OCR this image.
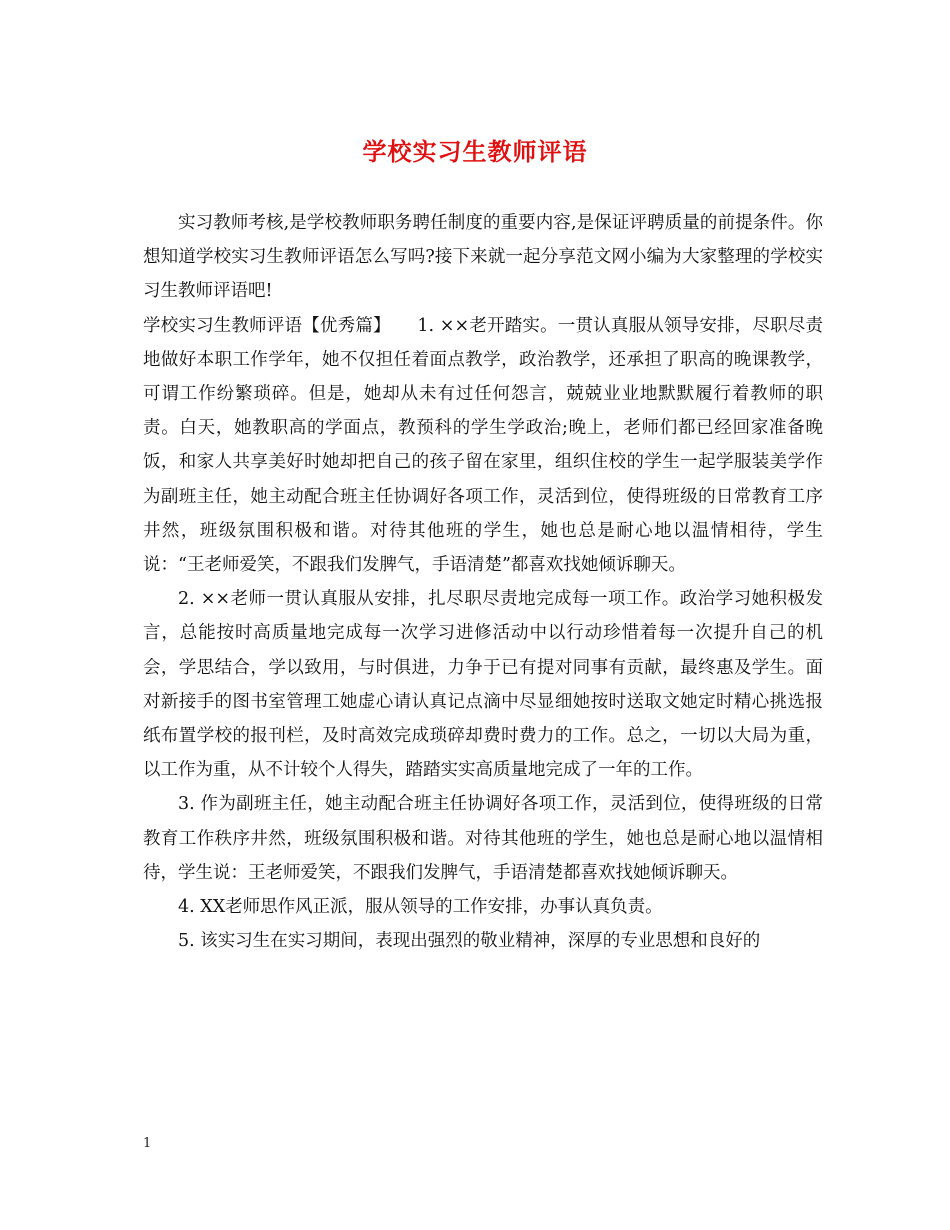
学校实习生教师评语

实习教师考核,是学校教师职务聘任制度的重要内容,是保证评聘质量的前提条件。你想知道学校实习生教师评语怎么写吗?接下来就一起分享范文网小编为大家整理的学校实习生教师评语吧!

学校实习生教师评语【优秀篇】　　1. ××老开踏实。一贯认真服从领导安排，尽职尽责地做好本职工作学年，她不仅担任着面点教学，政治教学，还承担了职高的晚课教学，可谓工作纷繁琐碎。但是，她却从未有过任何怨言，兢兢业业地默默履行着教师的职责。白天，她教职高的学面点，教预科的学生学政治;晚上，老师们都已经回家准备晚饭，和家人共享美好时她却把自己的孩子留在家里，组织住校的学生一起学服装美学作为副班主任，她主动配合班主任协调好各项工作，灵活到位，使得班级的日常教育工序井然，班级氛围积极和谐。对待其他班的学生，她也总是耐心地以温情相待，学生说：“王老师爱笑，不跟我们发脾气，手语清楚”都喜欢找她倾诉聊天。

2. ××老师一贯认真服从安排，扎尽职尽责地完成每一项工作。政治学习她积极发言，总能按时高质量地完成每一次学习进修活动中以行动珍惜着每一次提升自己的机会，学思结合，学以致用，与时俱进，力争于已有提对同事有贡献，最终惠及学生。面对新接手的图书室管理工她虚心请认真记点滴中尽显细她按时送取文她定时精心挑选报纸布置学校的报刊栏，及时高效完成琐碎却费时费力的工作。总之，一切以大局为重，以工作为重，从不计较个人得失，踏踏实实高质量地完成了一年的工作。

3. 作为副班主任，她主动配合班主任协调好各项工作，灵活到位，使得班级的日常教育工作秩序井然，班级氛围积极和谐。对待其他班的学生，她也总是耐心地以温情相待，学生说：王老师爱笑，不跟我们发脾气，手语清楚都喜欢找她倾诉聊天。

4. XX老师思作风正派，服从领导的工作安排，办事认真负责。

5. 该实习生在实习期间，表现出强烈的敬业精神，深厚的专业思想和良好的

1
